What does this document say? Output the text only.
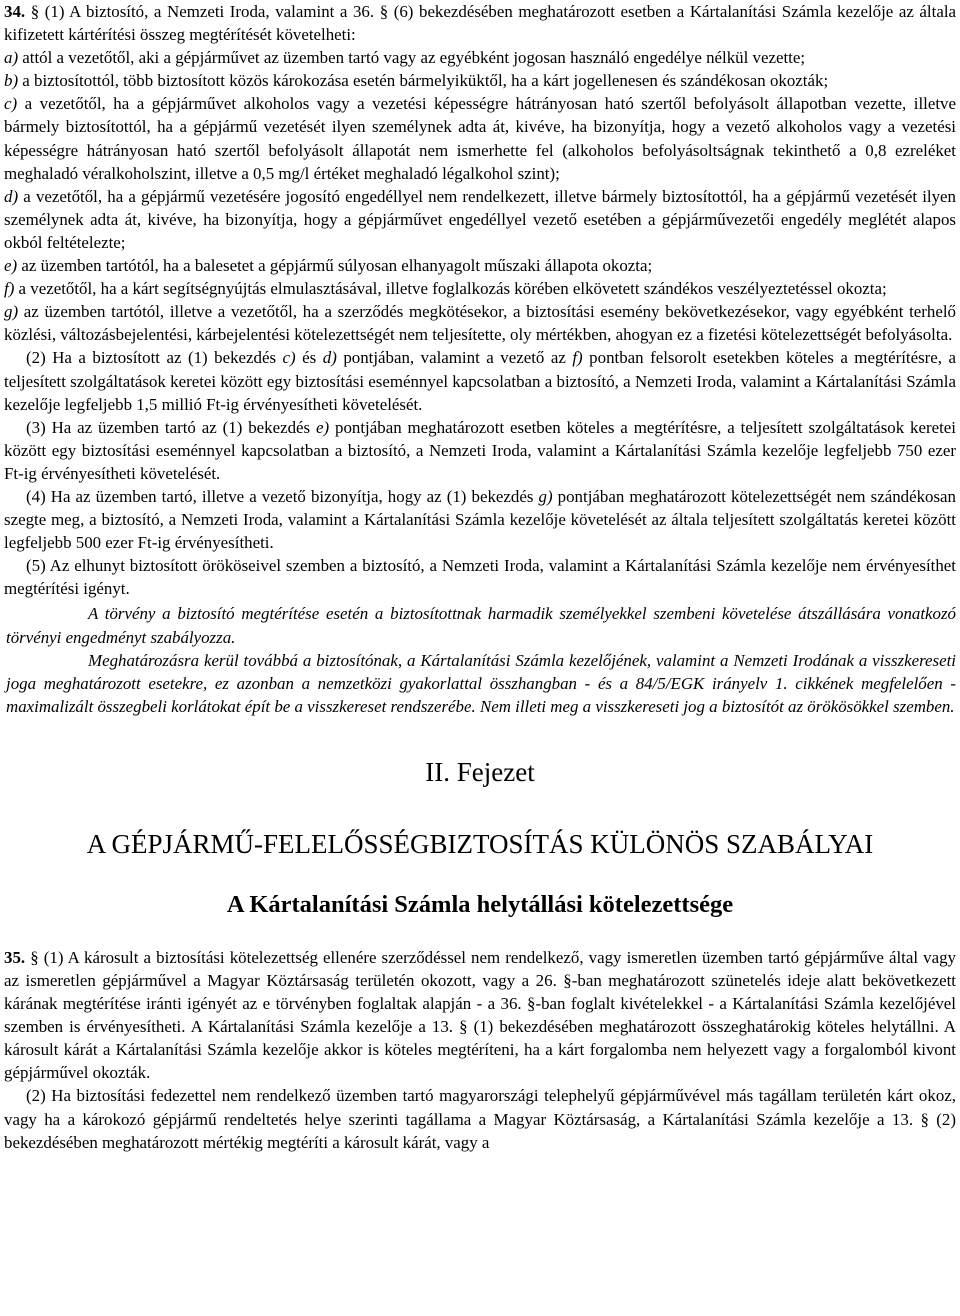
34. § (1) A biztosító, a Nemzeti Iroda, valamint a 36. § (6) bekezdésében meghatározott esetben a Kártalanítási Számla kezelője az általa kifizetett kártérítési összeg megtérítését követelheti:

a) attól a vezetőtől, aki a gépjárművet az üzemben tartó vagy az egyébként jogosan használó engedélye nélkül vezette;

b) a biztosítottól, több biztosított közös károkozása esetén bármelyiküktől, ha a kárt jogellenesen és szándékosan okozták;

c) a vezetőtől, ha a gépjárművet alkoholos vagy a vezetési képességre hátrányosan ható szertől befolyásolt állapotban vezette, illetve bármely biztosítottól, ha a gépjármű vezetését ilyen személynek adta át, kivéve, ha bizonyítja, hogy a vezető alkoholos vagy a vezetési képességre hátrányosan ható szertől befolyásolt állapotát nem ismerhette fel (alkoholos befolyásoltságnak tekinthető a 0,8 ezreléket meghaladó véralkoholszint, illetve a 0,5 mg/l értéket meghaladó légalkohol szint);

d) a vezetőtől, ha a gépjármű vezetésére jogosító engedéllyel nem rendelkezett, illetve bármely biztosítottól, ha a gépjármű vezetését ilyen személynek adta át, kivéve, ha bizonyítja, hogy a gépjárművet engedéllyel vezető esetében a gépjárművezetői engedély meglétét alapos okból feltételezte;

e) az üzemben tartótól, ha a balesetet a gépjármű súlyosan elhanyagolt műszaki állapota okozta;

f) a vezetőtől, ha a kárt segítségnyújtás elmulasztásával, illetve foglalkozás körében elkövetett szándékos veszélyeztetéssel okozta;

g) az üzemben tartótól, illetve a vezetőtől, ha a szerződés megkötésekor, a biztosítási esemény bekövetkezésekor, vagy egyébként terhelő közlési, változásbejelentési, kárbejelentési kötelezettségét nem teljesítette, oly mértékben, ahogyan ez a fizetési kötelezettségét befolyásolta.

(2) Ha a biztosított az (1) bekezdés c) és d) pontjában, valamint a vezető az f) pontban felsorolt esetekben köteles a megtérítésre, a teljesített szolgáltatások keretei között egy biztosítási eseménnyel kapcsolatban a biztosító, a Nemzeti Iroda, valamint a Kártalanítási Számla kezelője legfeljebb 1,5 millió Ft-ig érvényesítheti követelését.

(3) Ha az üzemben tartó az (1) bekezdés e) pontjában meghatározott esetben köteles a megtérítésre, a teljesített szolgáltatások keretei között egy biztosítási eseménnyel kapcsolatban a biztosító, a Nemzeti Iroda, valamint a Kártalanítási Számla kezelője legfeljebb 750 ezer Ft-ig érvényesítheti követelését.

(4) Ha az üzemben tartó, illetve a vezető bizonyítja, hogy az (1) bekezdés g) pontjában meghatározott kötelezettségét nem szándékosan szegte meg, a biztosító, a Nemzeti Iroda, valamint a Kártalanítási Számla kezelője követelését az általa teljesített szolgáltatás keretei között legfeljebb 500 ezer Ft-ig érvényesítheti.

(5) Az elhunyt biztosított örököseivel szemben a biztosító, a Nemzeti Iroda, valamint a Kártalanítási Számla kezelője nem érvényesíthet megtérítési igényt.

A törvény a biztosító megtérítése esetén a biztosítottnak harmadik személyekkel szembeni követelése átszállására vonatkozó törvényi engedményt szabályozza.

Meghatározásra kerül továbbá a biztosítónak, a Kártalanítási Számla kezelőjének, valamint a Nemzeti Irodának a visszkereseti joga meghatározott esetekre, ez azonban a nemzetközi gyakorlattal összhangban - és a 84/5/EGK irányelv 1. cikkének megfelelően - maximalizált összegbeli korlátokat épít be a visszkereset rendszerébe. Nem illeti meg a visszkereseti jog a biztosítót az örökösökkel szemben.

II. Fejezet
A GÉPJÁRMŰ-FELELŐSSÉGBIZTOSÍTÁS KÜLÖNÖS SZABÁLYAI
A Kártalanítási Számla helytállási kötelezettsége

35. § (1) A károsult a biztosítási kötelezettség ellenére szerződéssel nem rendelkező, vagy ismeretlen üzemben tartó gépjárműve által vagy az ismeretlen gépjárművel a Magyar Köztársaság területén okozott, vagy a 26. §-ban meghatározott szünetelés ideje alatt bekövetkezett kárának megtérítése iránti igényét az e törvényben foglaltak alapján - a 36. §-ban foglalt kivételekkel - a Kártalanítási Számla kezelőjével szemben is érvényesítheti. A Kártalanítási Számla kezelője a 13. § (1) bekezdésében meghatározott összeghatárokig köteles helytállni. A károsult kárát a Kártalanítási Számla kezelője akkor is köteles megtéríteni, ha a kárt forgalomba nem helyezett vagy a forgalomból kivont gépjárművel okozták.

(2) Ha biztosítási fedezettel nem rendelkező üzemben tartó magyarországi telephelyű gépjárművével más tagállam területén kárt okoz, vagy ha a károkozó gépjármű rendeltetés helye szerinti tagállama a Magyar Köztársaság, a Kártalanítási Számla kezelője a 13. § (2) bekezdésében meghatározott mértékig megtéríti a károsult kárát, vagy a
